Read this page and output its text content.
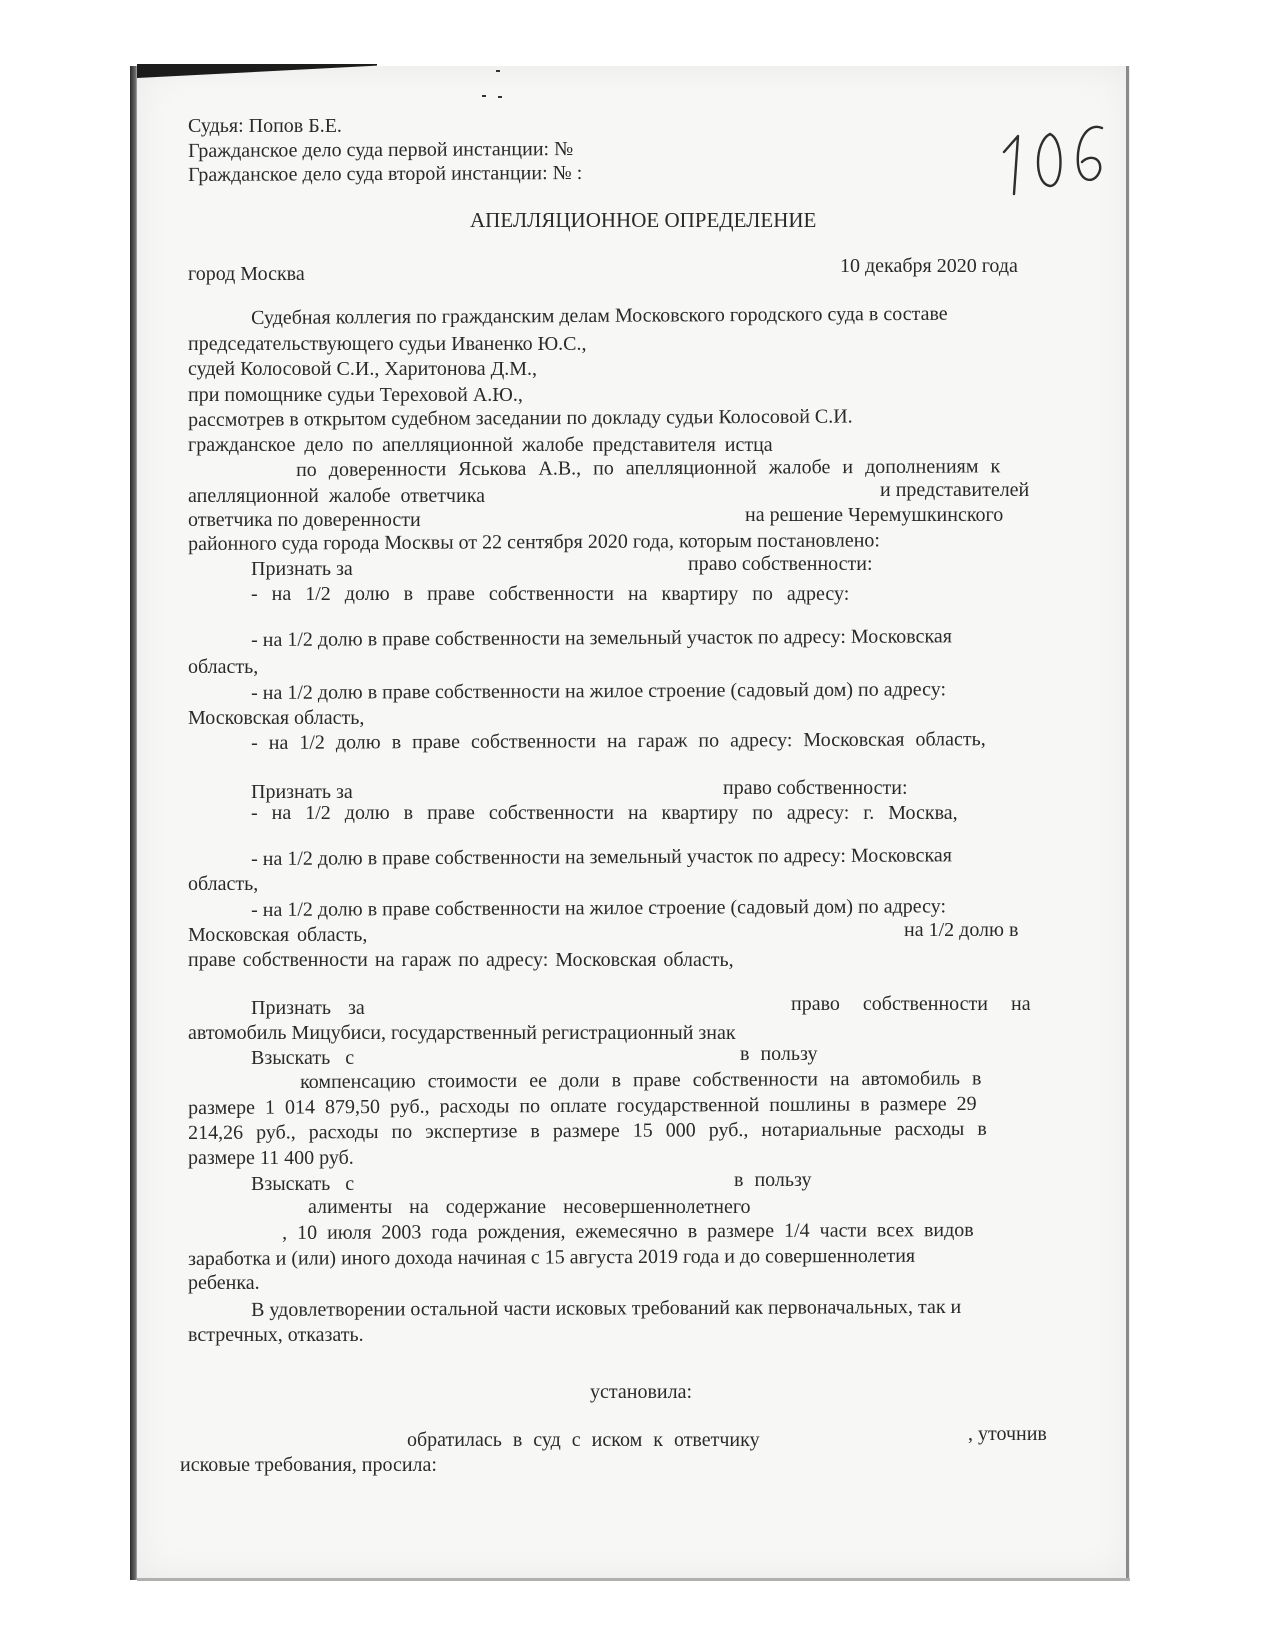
Судья: Попов Б.Е.
Гражданское дело суда первой инстанции: №
Гражданское дело суда второй инстанции: № :
АПЕЛЛЯЦИОННОЕ ОПРЕДЕЛЕНИЕ
город Москва	10 декабря 2020 года
Судебная коллегия по гражданским делам Московского городского суда в составе
председательствующего судьи Иваненко Ю.С.,
судей Колосовой С.И., Харитонова Д.М.,
при помощнике судьи Тереховой А.Ю.,
рассмотрев в открытом судебном заседании по докладу судьи Колосовой С.И.
гражданское дело по апелляционной жалобе представителя истца
по доверенности Яськова А.В., по апелляционной жалобе и дополнениям к
апелляционной жалобе ответчика	и представителей
ответчика по доверенности	на решение Черемушкинского
районного суда города Москвы от 22 сентября 2020 года, которым постановлено:
Признать за	право собственности:
- на 1/2 долю в праве собственности на квартиру по адресу:
- на 1/2 долю в праве собственности на земельный участок по адресу: Московская
область,
- на 1/2 долю в праве собственности на жилое строение (садовый дом) по адресу:
Московская область,
- на 1/2 долю в праве собственности на гараж по адресу: Московская область,
Признать за	право собственности:
- на 1/2 долю в праве собственности на квартиру по адресу: г. Москва,
- на 1/2 долю в праве собственности на земельный участок по адресу: Московская
область,
- на 1/2 долю в праве собственности на жилое строение (садовый дом) по адресу:
Московская область,	на 1/2 долю в
праве собственности на гараж по адресу: Московская область,
Признать за	право собственности на
автомобиль Мицубиси, государственный регистрационный знак
Взыскать с	в пользу
компенсацию стоимости ее доли в праве собственности на автомобиль в
размере 1 014 879,50 руб., расходы по оплате государственной пошлины в размере 29
214,26 руб., расходы по экспертизе в размере 15 000 руб., нотариальные расходы в
размере 11 400 руб.
Взыскать с	в пользу
алименты на содержание несовершеннолетнего
, 10 июля 2003 года рождения, ежемесячно в размере 1/4 части всех видов
заработка и (или) иного дохода начиная с 15 августа 2019 года и до совершеннолетия
ребенка.
В удовлетворении остальной части исковых требований как первоначальных, так и
встречных, отказать.
установила:
обратилась в суд с иском к ответчику	, уточнив
исковые требования, просила:
